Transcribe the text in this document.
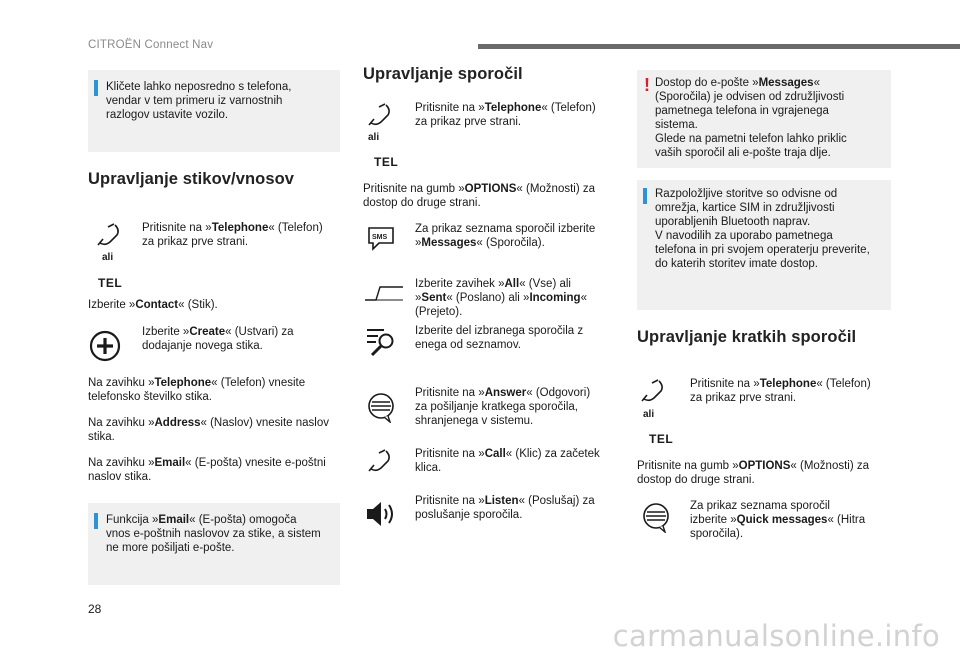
CITROËN Connect Nav
Kličete lahko neposredno s telefona,
vendar v tem primeru iz varnostnih
razlogov ustavite vozilo.
Upravljanje stikov/vnosov
ali
TEL
Pritisnite na »Telephone« (Telefon)
za prikaz prve strani.
Izberite »Contact« (Stik).
Izberite »Create« (Ustvari) za
dodajanje novega stika.
Na zavihku »Telephone« (Telefon) vnesite
telefonsko številko stika.
Na zavihku »Address« (Naslov) vnesite naslov
stika.
Na zavihku »Email« (E-pošta) vnesite e-poštni
naslov stika.
Funkcija »Email« (E-pošta) omogoča
vnos e-poštnih naslovov za stike, a sistem
ne more pošiljati e-pošte.
Upravljanje sporočil
ali
TEL
Pritisnite na »Telephone« (Telefon)
za prikaz prve strani.
Pritisnite na gumb »OPTIONS« (Možnosti) za
dostop do druge strani.
SMS
Za prikaz seznama sporočil izberite
»Messages« (Sporočila).
Izberite zavihek »All« (Vse) ali
»Sent« (Poslano) ali »Incoming«
(Prejeto).
Izberite del izbranega sporočila z
enega od seznamov.
Pritisnite na »Answer« (Odgovori)
za pošiljanje kratkega sporočila,
shranjenega v sistemu.
Pritisnite na »Call« (Klic) za začetek
klica.
Pritisnite na »Listen« (Poslušaj) za
poslušanje sporočila.
! Dostop do e-pošte »Messages«
(Sporočila) je odvisen od združljivosti
pametnega telefona in vgrajenega
sistema.
Glede na pametni telefon lahko priklic
vaših sporočil ali e-pošte traja dlje.
Razpoložljive storitve so odvisne od
omrežja, kartice SIM in združljivosti
uporabljenih Bluetooth naprav.
V navodilih za uporabo pametnega
telefona in pri svojem operaterju preverite,
do katerih storitev imate dostop.
Upravljanje kratkih sporočil
ali
TEL
Pritisnite na »Telephone« (Telefon)
za prikaz prve strani.
Pritisnite na gumb »OPTIONS« (Možnosti) za
dostop do druge strani.
Za prikaz seznama sporočil
izberite »Quick messages« (Hitra
sporočila).
28
carmanualsonline.info
